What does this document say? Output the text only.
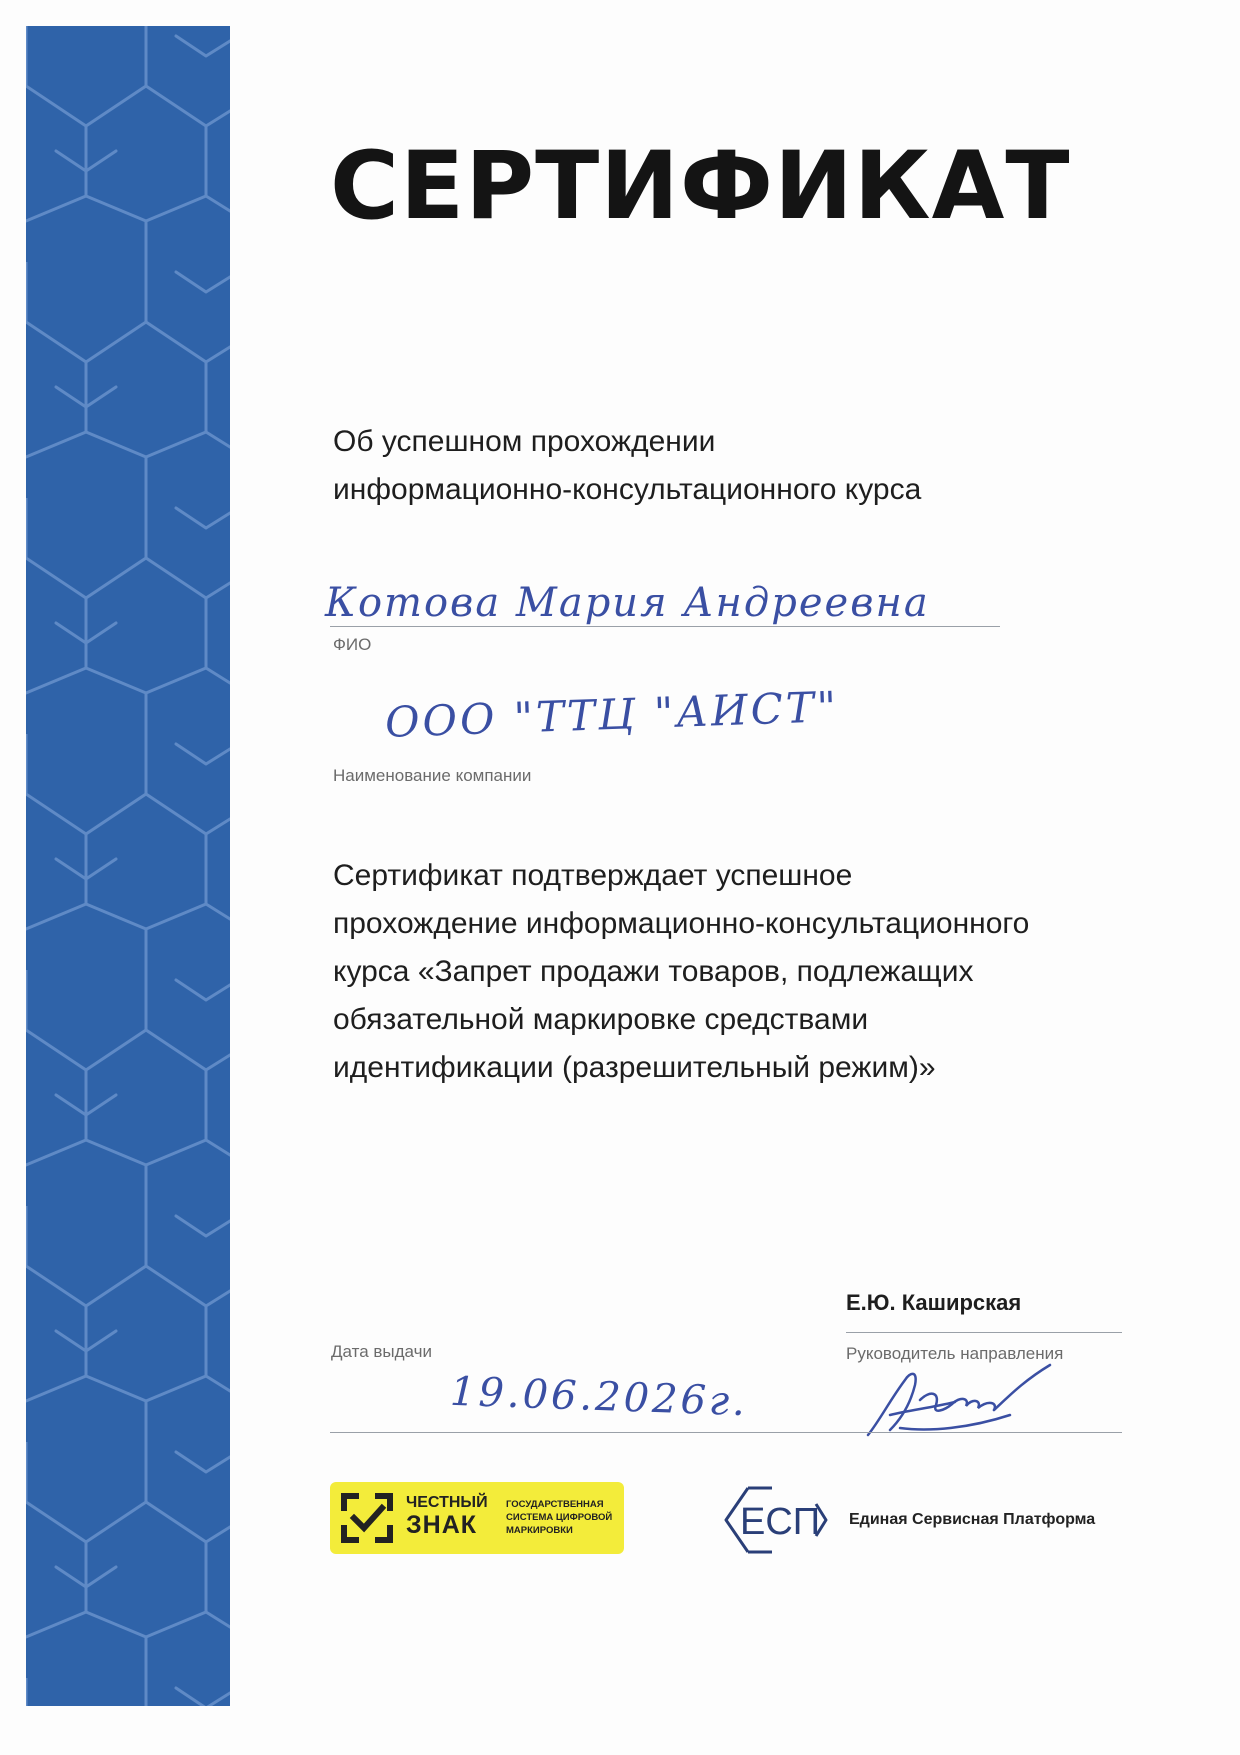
СЕРТИФИКАТ
Об успешном прохождении
информационно-консультационного курса
Котова Мария Андреевна
ФИО
ООО "ТТЦ "АИСТ"
Наименование компании
Сертификат подтверждает успешное
прохождение информационно-консультационного
курса «Запрет продажи товаров, подлежащих
обязательной маркировке средствами
идентификации (разрешительный режим)»
Е.Ю. Каширская
Дата выдачи	Руководитель направления
19.06.2026г.
ЧЕСТНЫЙ
ЗНАК
ГОСУДАРСТВЕННАЯ
СИСТЕМА ЦИФРОВОЙ
МАРКИРОВКИ	ЕСП Единая Сервисная Платформа
